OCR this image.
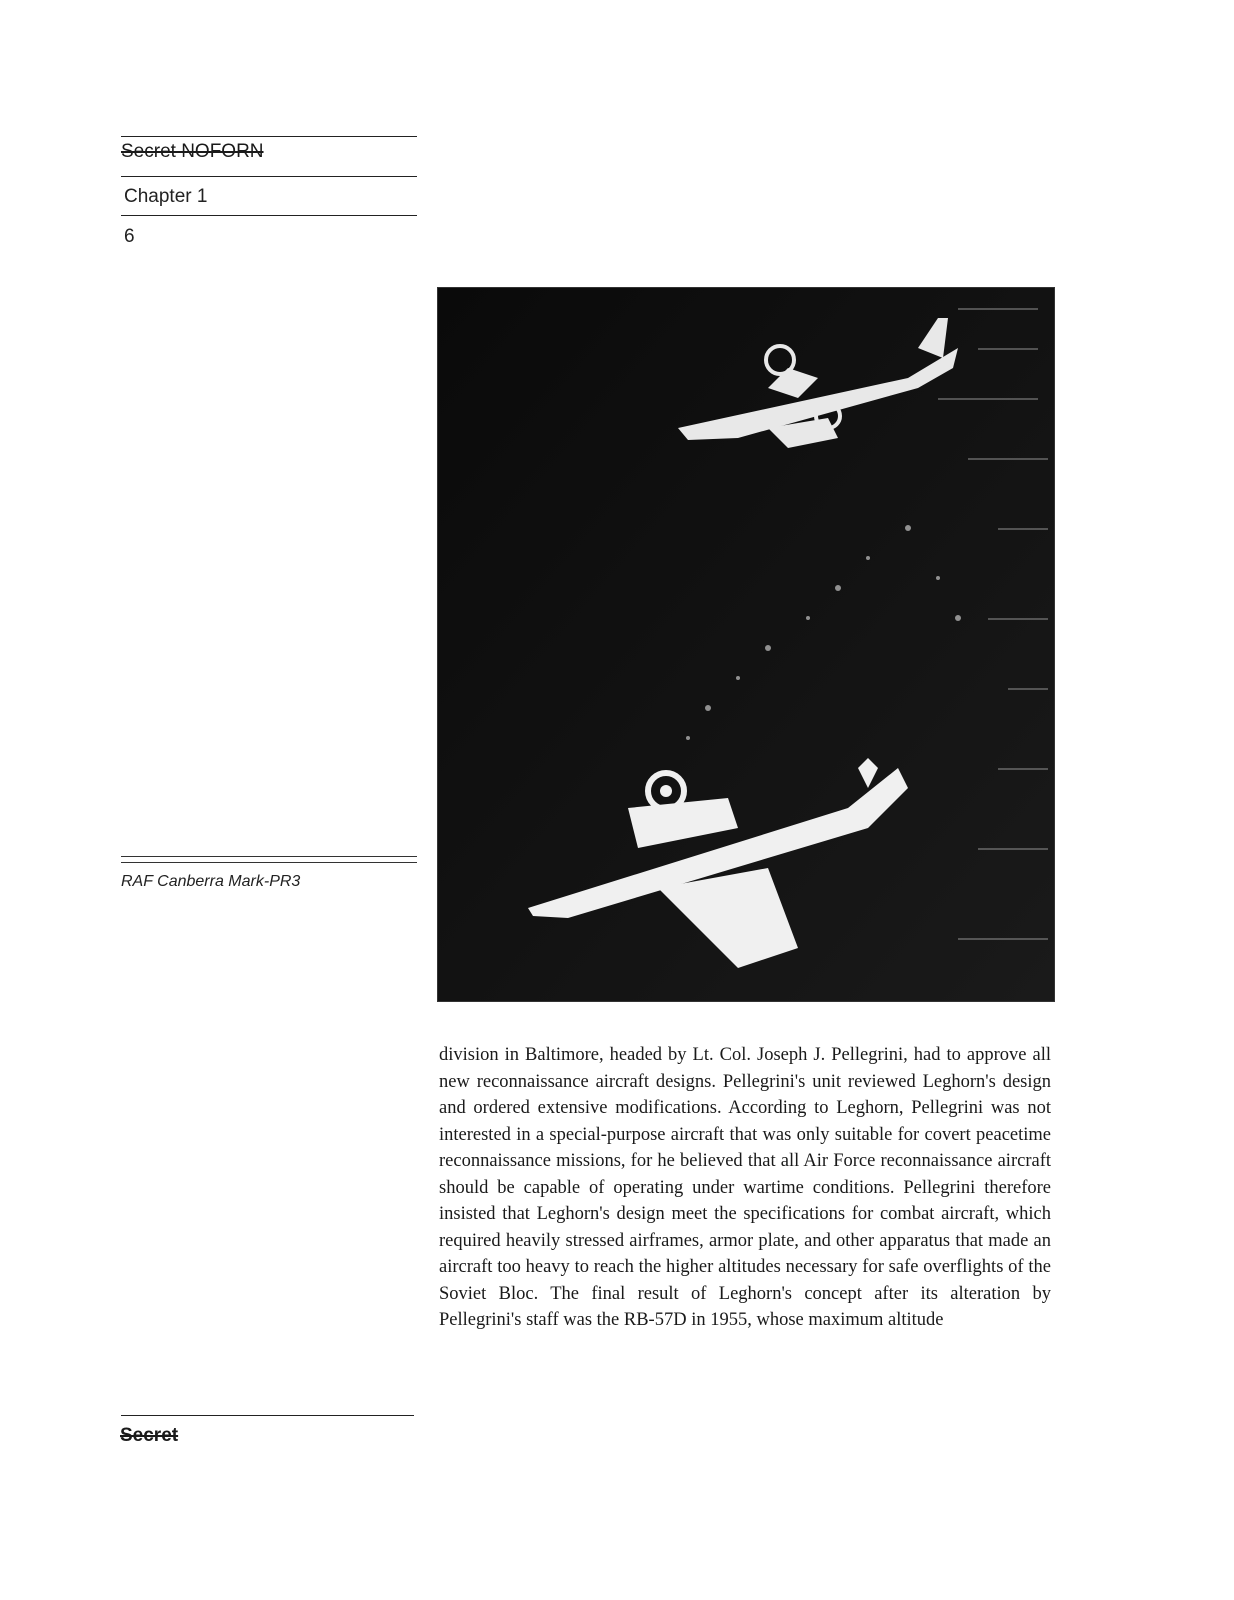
Secret NOFORN
Chapter 1
6
RAF Canberra Mark-PR3
division in Baltimore, headed by Lt. Col. Joseph J. Pellegrini, had to approve all new reconnaissance aircraft designs. Pellegrini's unit reviewed Leghorn's design and ordered extensive modifications. According to Leghorn, Pellegrini was not interested in a special-purpose aircraft that was only suitable for covert peacetime reconnaissance missions, for he believed that all Air Force reconnaissance aircraft should be capable of operating under wartime conditions. Pellegrini therefore insisted that Leghorn's design meet the specifications for combat aircraft, which required heavily stressed airframes, armor plate, and other apparatus that made an aircraft too heavy to reach the higher altitudes necessary for safe overflights of the Soviet Bloc. The final result of Leghorn's concept after its alteration by Pellegrini's staff was the RB-57D in 1955, whose maximum altitude
Secret
